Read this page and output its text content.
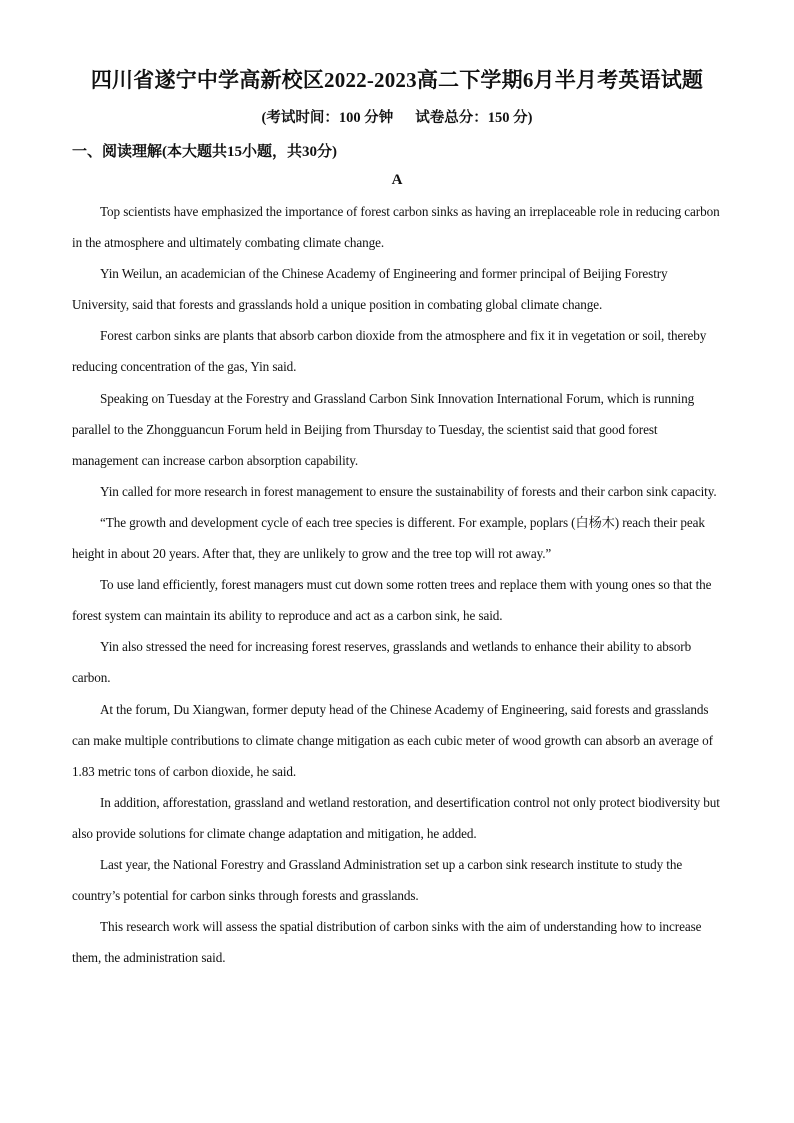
四川省遂宁中学高新校区2022-2023高二下学期6月半月考英语试题
(考试时间：100 分钟 试卷总分：150 分)
一、阅读理解(本大题共15小题，共30分)
A

Top scientists have emphasized the importance of forest carbon sinks as having an irreplaceable role in reducing carbon in the atmosphere and ultimately combating climate change.

Yin Weilun, an academician of the Chinese Academy of Engineering and former principal of Beijing Forestry University, said that forests and grasslands hold a unique position in combating global climate change.

Forest carbon sinks are plants that absorb carbon dioxide from the atmosphere and fix it in vegetation or soil, thereby reducing concentration of the gas, Yin said.

Speaking on Tuesday at the Forestry and Grassland Carbon Sink Innovation International Forum, which is running parallel to the Zhongguancun Forum held in Beijing from Thursday to Tuesday, the scientist said that good forest management can increase carbon absorption capability.

Yin called for more research in forest management to ensure the sustainability of forests and their carbon sink capacity.

“The growth and development cycle of each tree species is different. For example, poplars (白杨木) reach their peak height in about 20 years. After that, they are unlikely to grow and the tree top will rot away.”

To use land efficiently, forest managers must cut down some rotten trees and replace them with young ones so that the forest system can maintain its ability to reproduce and act as a carbon sink, he said.

Yin also stressed the need for increasing forest reserves, grasslands and wetlands to enhance their ability to absorb carbon.

At the forum, Du Xiangwan, former deputy head of the Chinese Academy of Engineering, said forests and grasslands can make multiple contributions to climate change mitigation as each cubic meter of wood growth can absorb an average of 1.83 metric tons of carbon dioxide, he said.

In addition, afforestation, grassland and wetland restoration, and desertification control not only protect biodiversity but also provide solutions for climate change adaptation and mitigation, he added.

Last year, the National Forestry and Grassland Administration set up a carbon sink research institute to study the country’s potential for carbon sinks through forests and grasslands.

This research work will assess the spatial distribution of carbon sinks with the aim of understanding how to increase them, the administration said.
